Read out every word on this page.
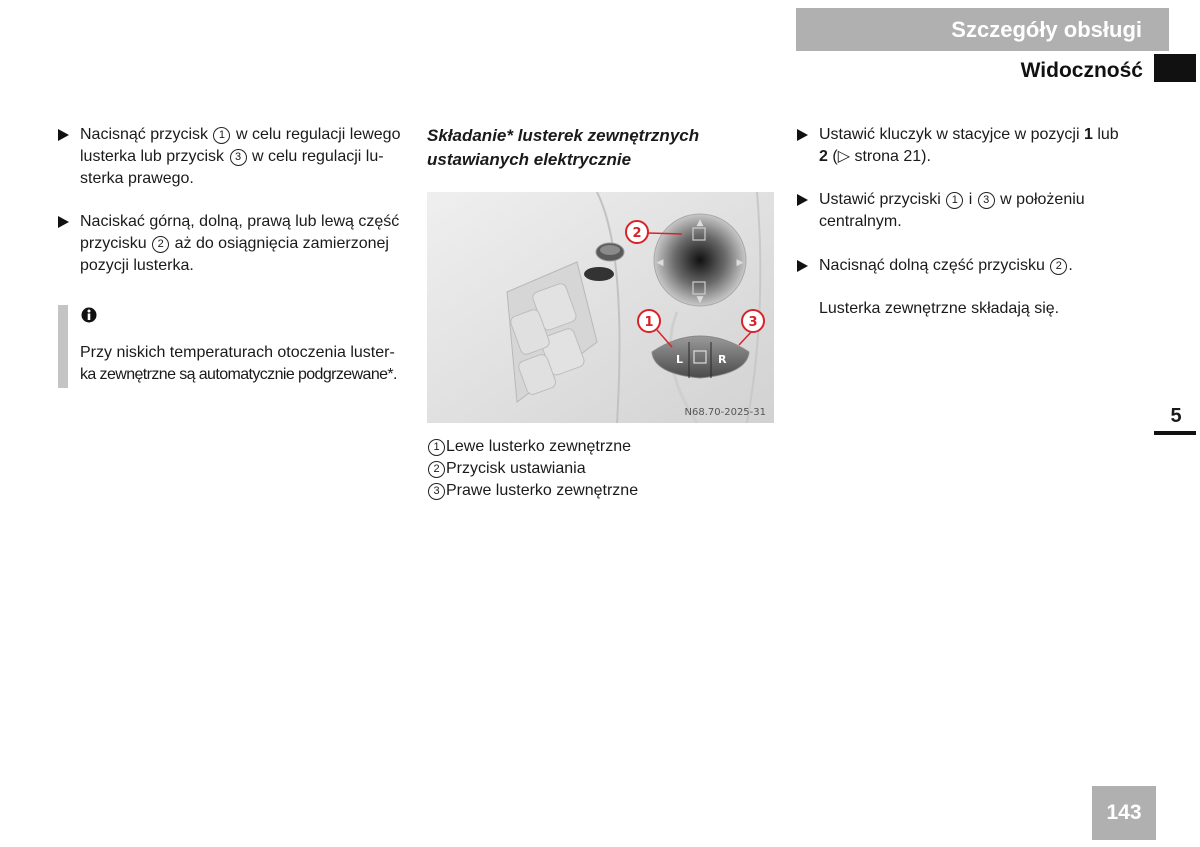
Szczegóły obsługi
Widoczność
5
143
Nacisnąć przycisk 1 w celu regulacji lewego
lusterka lub przycisk 3 w celu regulacji lu-
sterka prawego.
Naciskać górną, dolną, prawą lub lewą część
przycisku 2 aż do osiągnięcia zamierzonej
pozycji lusterka.
Przy niskich temperaturach otoczenia luster-
ka zewnętrzne są automatycznie podgrzewane*.
Składanie* lusterek zewnętrznych
ustawianych elektrycznie
▲
▼
◀	▶
L	R
2
1	3
N68.70-2025-31
1 Lewe lusterko zewnętrzne
2 Przycisk ustawiania
3 Prawe lusterko zewnętrzne
Ustawić kluczyk w stacyjce w pozycji 1 lub
2 (▷ strona 21).
Ustawić przyciski 1 i 3 w położeniu
centralnym.
Nacisnąć dolną część przycisku 2 .
Lusterka zewnętrzne składają się.
